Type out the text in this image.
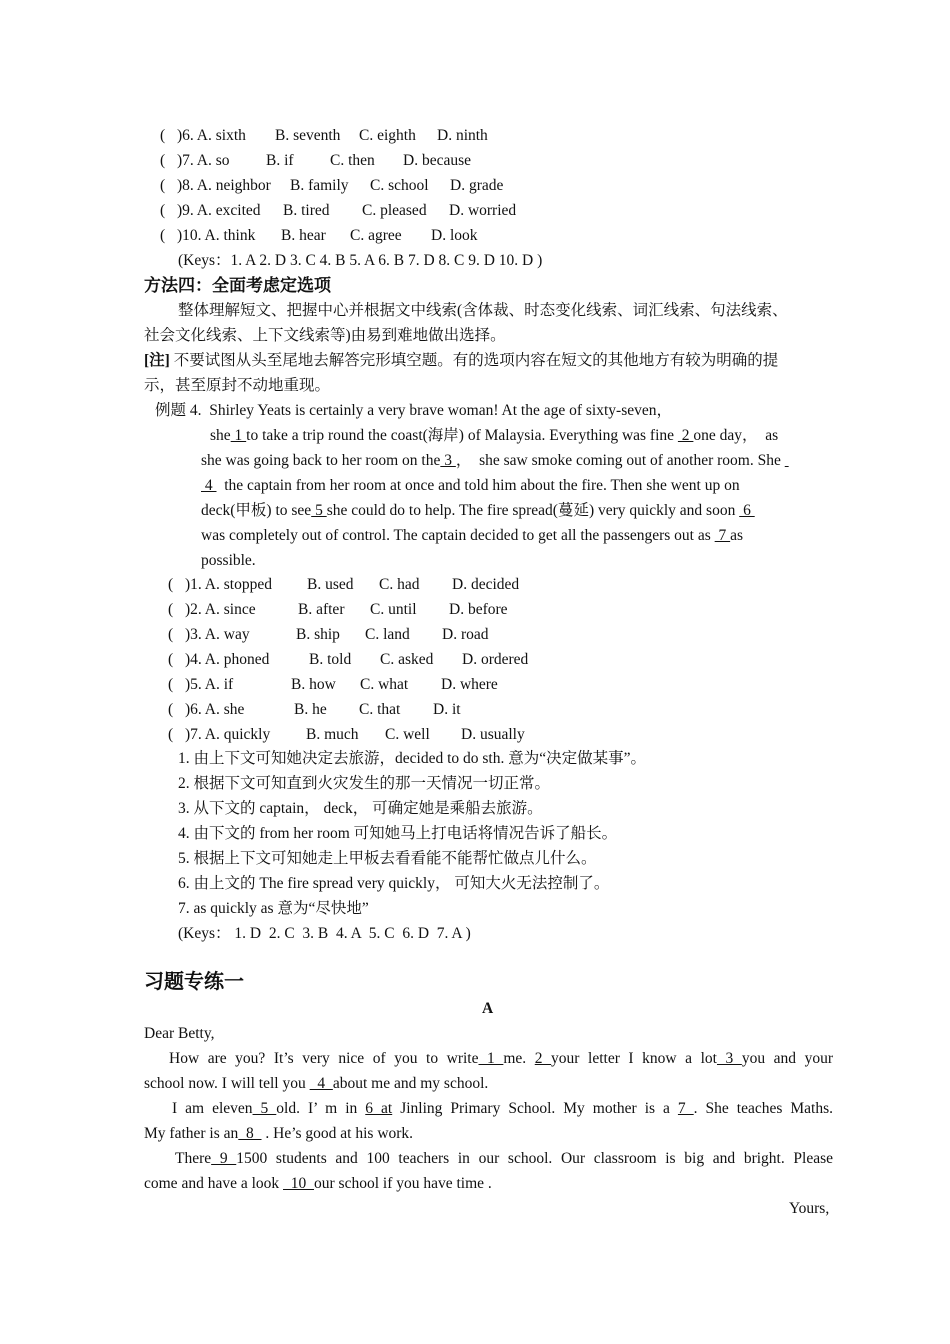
( )6. A. sixth B. seventh C. eighth D. ninth
( )7. A. so B. if C. then D. because
( )8. A. neighbor B. family C. school D. grade
( )9. A. excited B. tired C. pleased D. worried
( )10. A. think B. hear C. agree D. look
(Keys：1. A 2. D 3. C 4. B 5. A 6. B 7. D 8. C 9. D 10. D )
方法四：全面考虑定选项
整体理解短文、把握中心并根据文中线索(含体裁、时态变化线索、词汇线索、句法线索、
社会文化线索、上下文线索等)由易到难地做出选择。
[注] 不要试图从头至尾地去解答完形填空题。有的选项内容在短文的其他地方有较为明确的提
示，甚至原封不动地重现。
例题 4.  Shirley Yeats is certainly a very brave woman! At the age of sixty-seven，
she 1 to take a trip round the coast(海岸) of Malaysia. Everything was fine  2 one day，  as
she was going back to her room on the 3 ，  she saw smoke coming out of another room. She
4   the captain from her room at once and told him about the fire. Then she went up on
deck(甲板) to see 5 she could do to help. The fire spread(蔓延) very quickly and soon  6
was completely out of control. The captain decided to get all the passengers out as  7 as
possible.
( )1. A. stopped B. used C. had D. decided
( )2. A. since	B. after C. until D. before
( )3. A. way	B. ship C. land D. road
( )4. A. phoned	B. told C. asked D. ordered
( )5. A. if	B. how C. what D. where
( )6. A. she	B. he C. that D. it
( )7. A. quickly B. much C. well D. usually
1. 由上下文可知她决定去旅游，decided to do sth. 意为“决定做某事”。
2. 根据下文可知直到火灾发生的那一天情况一切正常。
3. 从下文的 captain， deck， 可确定她是乘船去旅游。
4. 由下文的 from her room 可知她马上打电话将情况告诉了船长。
5. 根据上下文可知她走上甲板去看看能不能帮忙做点儿什么。
6. 由上文的 The fire spread very quickly， 可知大火无法控制了。
7. as quickly as 意为“尽快地”
(Keys： 1. D  2. C  3. B  4. A  5. C  6. D  7. A )
习题专练一
A
Dear Betty,
How are you? It’s very nice of you to write 1 me. 2 your letter I know a lot 3 you and your
school now. I will tell you   4  about me and my school.
I am eleven 5 old. I’ m in 6 at Jinling Primary School. My mother is a 7 . She teaches Maths.
My father is an  8   . He’s good at his work.
There 9 1500 students and 100 teachers in our school. Our classroom is big and bright. Please
come and have a look   10  our school if you have time .
Yours,
